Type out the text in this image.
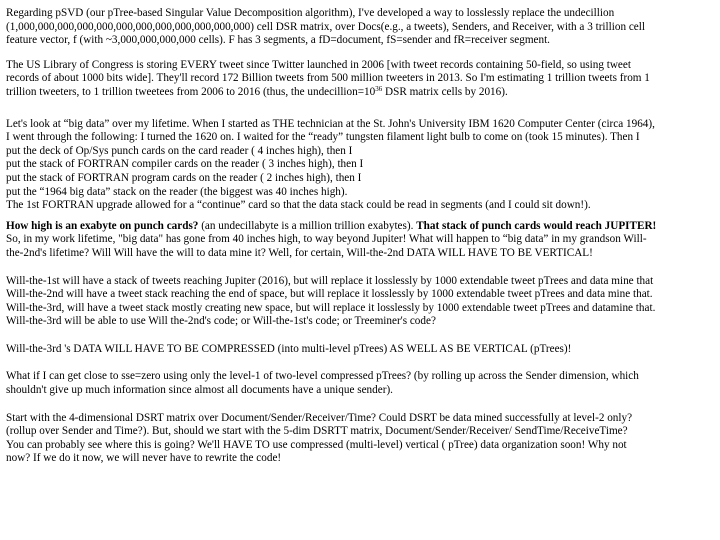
Regarding pSVD (our pTree-based Singular Value Decomposition algorithm), I've developed a way to losslessly replace the undecillion
(1,000,000,000,000,000,000,000,000,000,000,000,000) cell DSR matrix, over Docs(e.g., a tweets), Senders, and Receiver, with a 3 trillion cell
feature vector, f (with ~3,000,000,000,000 cells). F has 3 segments, a fD=document, fS=sender and fR=receiver segment.
The US Library of Congress is storing EVERY tweet since Twitter launched in 2006 [with tweet records containing 50-field, so using tweet
records of about 1000 bits wide]. They'll record 172 Billion tweets from 500 million tweeters in 2013. So I'm estimating 1 trillion tweets from 1
trillion tweeters, to 1 trillion tweetees from 2006 to 2016 (thus, the $undecillion=10^{36}$ DSR matrix cells by 2016).
Let's look at “big data” over my lifetime. When I started as THE technician at the St. John's University IBM 1620 Computer Center (circa 1964),
I went through the following: I turned the 1620 on. I waited for the “ready” tungsten filament light bulb to come on (took 15 minutes). Then I
put the deck of Op/Sys punch cards on the card reader ( 4 inches high), then I
put the stack of FORTRAN compiler cards on the reader ( 3 inches high), then I
put the stack of FORTRAN program cards on the reader ( 2 inches high), then I
put the “1964 big data” stack on the reader (the biggest was 40 inches high).
The 1st FORTRAN upgrade allowed for a “continue” card so that the data stack could be read in segments (and I could sit down!).
How high is an exabyte on punch cards? (an undecillabyte is a million trillion exabytes). That stack of punch cards would reach JUPITER!
So, in my work lifetime, "big data" has gone from 40 inches high, to way beyond Jupiter! What will happen to “big data” in my grandson Will-
the-2nd's lifetime? Will Will have the will to data mine it? Well, for certain, Will-the-2nd DATA WILL HAVE TO BE VERTICAL!
Will-the-1st will have a stack of tweets reaching Jupiter (2016), but will replace it losslessly by 1000 extendable tweet pTrees and data mine that
Will-the-2nd will have a tweet stack reaching the end of space, but will replace it losslessly by 1000 extendable tweet pTrees and data mine that.
Will-the-3rd, will have a tweet stack mostly creating new space, but will replace it losslessly by 1000 extendable tweet pTrees and datamine that.
Will-the-3rd will be able to use Will the-2nd's code; or Will-the-1st's code; or Treeminer's code?
Will-the-3rd 's DATA WILL HAVE TO BE COMPRESSED (into multi-level pTrees) AS WELL AS BE VERTICAL (pTrees)!
What if I can get close to sse=zero using only the level-1 of two-level compressed pTrees? (by rolling up across the Sender dimension, which
shouldn't give up much information since almost all documents have a unique sender).
Start with the 4-dimensional DSRT matrix over Document/Sender/Receiver/Time? Could DSRT be data mined successfully at level-2 only?
(rollup over Sender and Time?). But, should we start with the 5-dim DSRTT matrix, Document/Sender/Receiver/ SendTime/ReceiveTime?
You can probably see where this is going? We'll HAVE TO use compressed (multi-level) vertical ( pTree) data organization soon! Why not
now? If we do it now, we will never have to rewrite the code!
